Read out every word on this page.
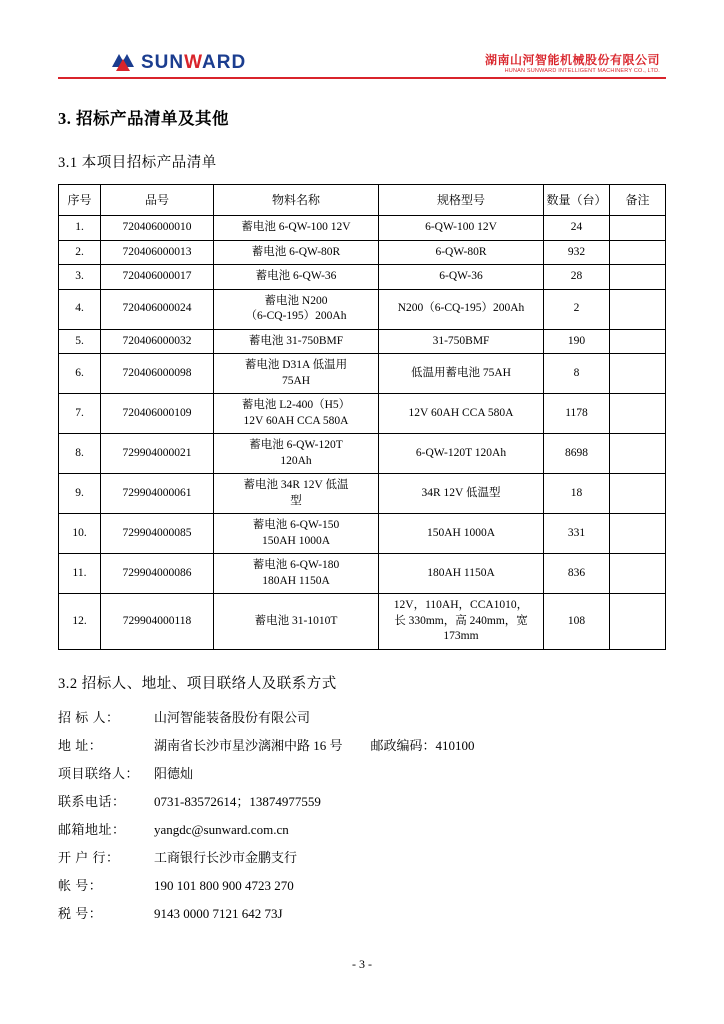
SUNWARD	湖南山河智能机械股份有限公司
HUNAN SUNWARD INTELLIGENT MACHINERY CO., LTD.
3. 招标产品清单及其他
3.1 本项目招标产品清单
序号	品号	物料名称	规格型号	数量（台）	备注
1.	720406000010	蓄电池 6-QW-100 12V	6-QW-100 12V	24	
2.	720406000013	蓄电池 6-QW-80R	6-QW-80R	932	
3.	720406000017	蓄电池 6-QW-36	6-QW-36	28	
4.	720406000024	蓄电池 N200
（6-CQ-195）200Ah	N200（6-CQ-195）200Ah	2	
5.	720406000032	蓄电池 31-750BMF	31-750BMF	190	
6.	720406000098	蓄电池 D31A 低温用
75AH	低温用蓄电池 75AH	8	
7.	720406000109	蓄电池 L2-400（H5）
12V 60AH CCA 580A	12V 60AH CCA 580A	1178	
8.	729904000021	蓄电池 6-QW-120T
120Ah	6-QW-120T 120Ah	8698	
9.	729904000061	蓄电池 34R 12V 低温
型	34R 12V 低温型	18	
10.	729904000085	蓄电池 6-QW-150
150AH 1000A	150AH 1000A	331	
11.	729904000086	蓄电池 6-QW-180
180AH 1150A	180AH 1150A	836	
12.	729904000118	蓄电池 31-1010T	12V，110AH，CCA1010，
长 330mm，高 240mm，宽
173mm	108	
3.2 招标人、地址、项目联络人及联系方式
招 标 人：	山河智能装备股份有限公司
地 址：	湖南省长沙市星沙漓湘中路 16 号 邮政编码：410100
项目联络人：	阳德灿
联系电话：	0731-83572614；13874977559
邮箱地址：	yangdc@sunward.com.cn
开 户 行：	工商银行长沙市金鹏支行
帐 号：	190 101 800 900 4723 270
税 号：	9143 0000 7121 642 73J
- 3 -
